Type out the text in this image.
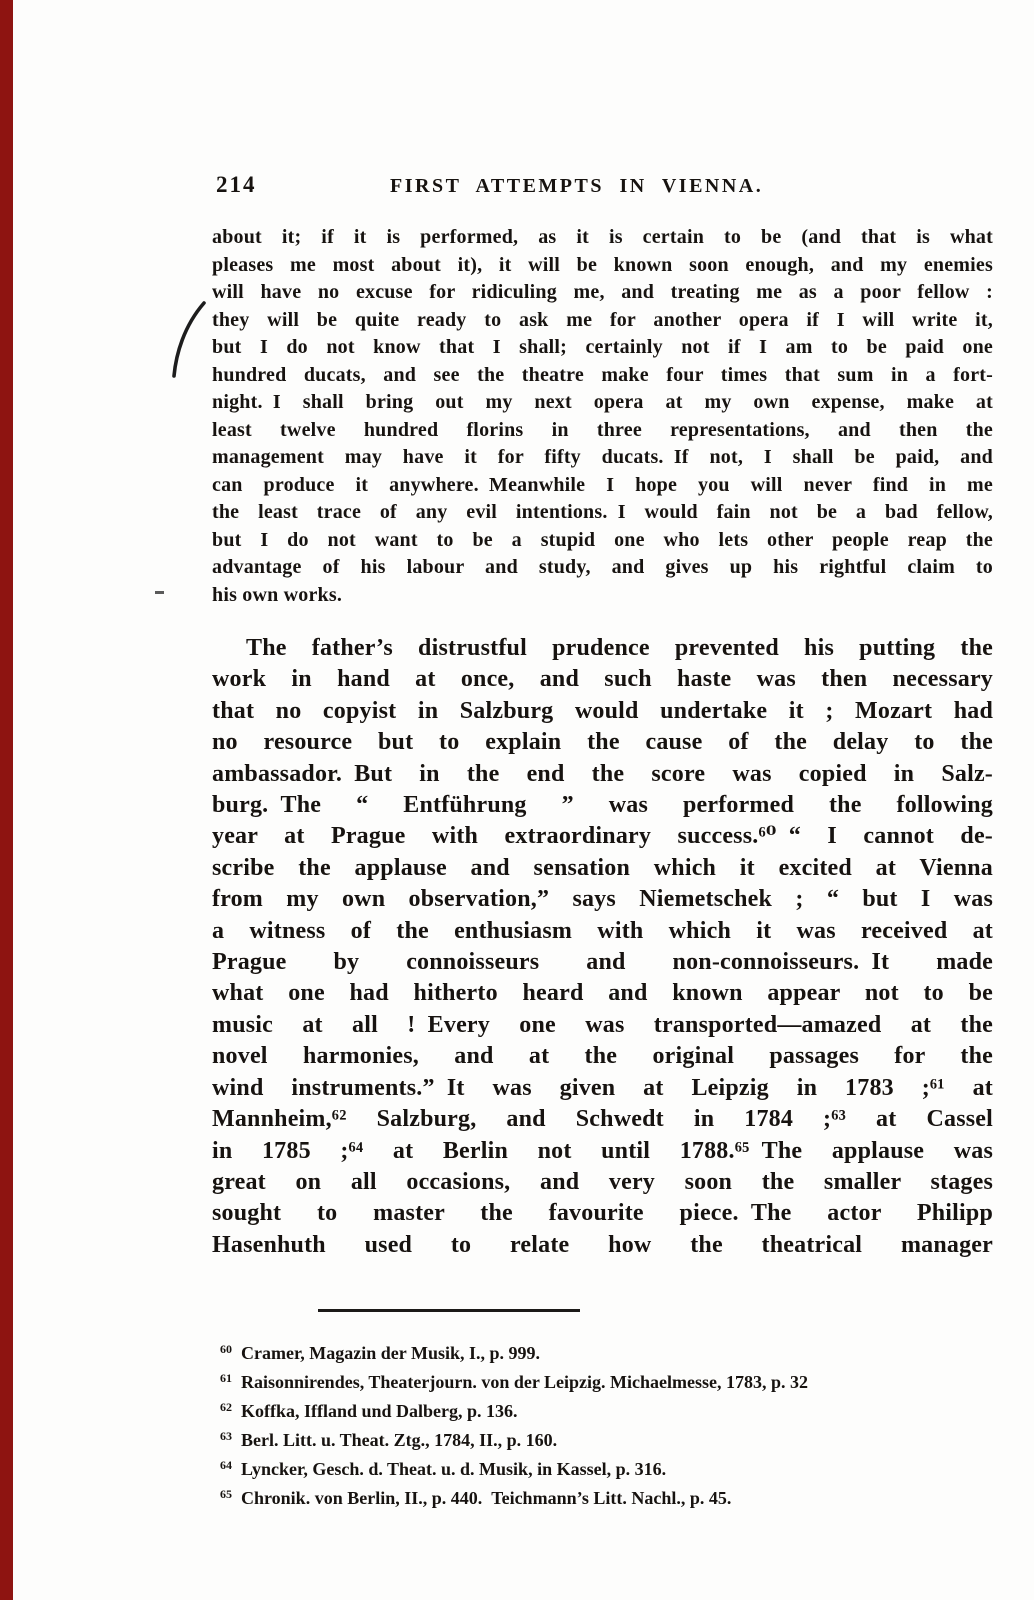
214	FIRST ATTEMPTS IN VIENNA.
about it; if it is performed, as it is certain to be (and that is what
pleases me most about it), it will be known soon enough, and my enemies
will have no excuse for ridiculing me, and treating me as a poor fellow :
they will be quite ready to ask me for another opera if I will write it,
but I do not know that I shall; certainly not if I am to be paid one
hundred ducats, and see the theatre make four times that sum in a fort-
night. I shall bring out my next opera at my own expense, make at
least twelve hundred florins in three representations, and then the
management may have it for fifty ducats. If not, I shall be paid, and
can produce it anywhere. Meanwhile I hope you will never find in me
the least trace of any evil intentions. I would fain not be a bad fellow,
but I do not want to be a stupid one who lets other people reap the
advantage of his labour and study, and gives up his rightful claim to
his own works.
The father’s distrustful prudence prevented his putting the
work in hand at once, and such haste was then necessary
that no copyist in Salzburg would undertake it ; Mozart had
no resource but to explain the cause of the delay to the
ambassador. But in the end the score was copied in Salz-
burg. The “ Entführung ” was performed the following
year at Prague with extraordinary success.⁶⁰ “ I cannot de-
scribe the applause and sensation which it excited at Vienna
from my own observation,” says Niemetschek ; “ but I was
a witness of the enthusiasm with which it was received at
Prague by connoisseurs and non-connoisseurs. It made
what one had hitherto heard and known appear not to be
music at all ! Every one was transported—amazed at the
novel harmonies, and at the original passages for the
wind instruments.” It was given at Leipzig in 1783 ;⁶¹ at
Mannheim,⁶² Salzburg, and Schwedt in 1784 ;⁶³ at Cassel
in 1785 ;⁶⁴ at Berlin not until 1788.⁶⁵ The applause was
great on all occasions, and very soon the smaller stages
sought to master the favourite piece. The actor Philipp
Hasenhuth used to relate how the theatrical manager
60 Cramer, Magazin der Musik, I., p. 999.
61 Raisonnirendes, Theaterjourn. von der Leipzig. Michaelmesse, 1783, p. 32
62 Koffka, Iffland und Dalberg, p. 136.
63 Berl. Litt. u. Theat. Ztg., 1784, II., p. 160.
64 Lyncker, Gesch. d. Theat. u. d. Musik, in Kassel, p. 316.
65 Chronik. von Berlin, II., p. 440. Teichmann’s Litt. Nachl., p. 45.
